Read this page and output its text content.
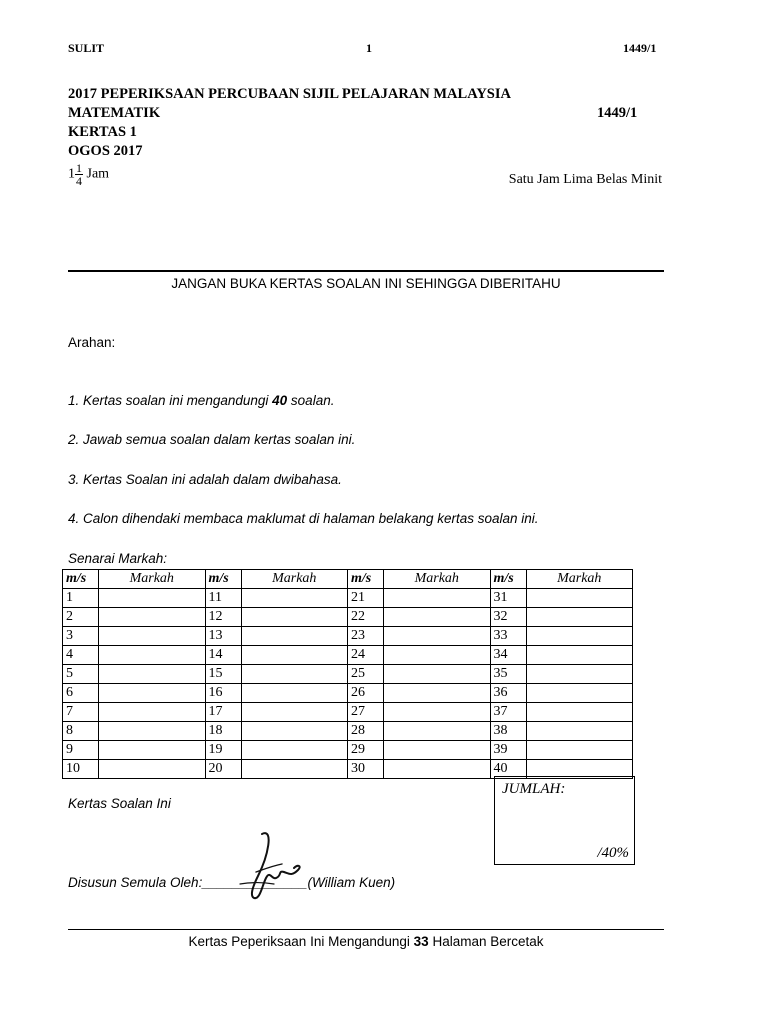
SULIT	1	1449/1
2017 PEPERIKSAAN PERCUBAAN SIJIL PELAJARAN MALAYSIA
MATEMATIK	1449/1
KERTAS 1
OGOS 2017
$1 \frac{1}{4}$ Jam	Satu Jam Lima Belas Minit
JANGAN BUKA KERTAS SOALAN INI SEHINGGA DIBERITAHU
Arahan:
1. Kertas soalan ini mengandungi 40 soalan.
2. Jawab semua soalan dalam kertas soalan ini.
3. Kertas Soalan ini adalah dalam dwibahasa.
4. Calon dihendaki membaca maklumat di halaman belakang kertas soalan ini.
Senarai Markah:
m/s	Markah	m/s	Markah	m/s	Markah	m/s	Markah
1		11		21		31	
2		12		22		32	
3		13		23		33	
4		14		24		34	
5		15		25		35	
6		16		26		36	
7		17		27		37	
8		18		28		38	
9		19		29		39	
10		20		30		40	
JUMLAH:
/40%
Kertas Soalan Ini
Disusun Semula Oleh:______________(William Kuen)
Kertas Peperiksaan Ini Mengandungi 33 Halaman Bercetak
